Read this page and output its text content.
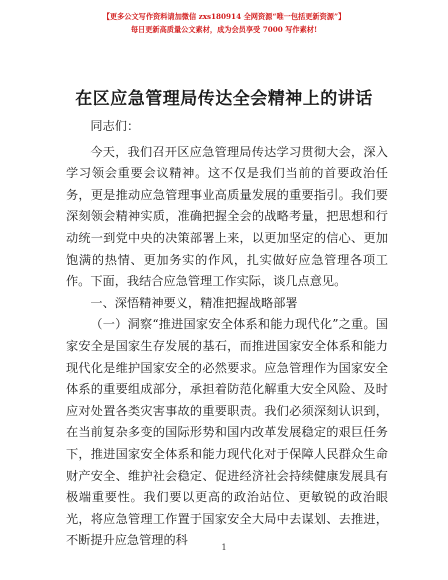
【更多公文写作资料请加微信 zxs180914 全网资源“唯一包括更新资源”】
每日更新高质量公文素材，成为会员享受 7000 写作素材!
在区应急管理局传达全会精神上的讲话

同志们：

今天，我们召开区应急管理局传达学习贯彻大会，深入学习领会重要会议精神。这不仅是我们当前的首要政治任务，更是推动应急管理事业高质量发展的重要指引。我们要深刻领会精神实质，准确把握全会的战略考量，把思想和行动统一到党中央的决策部署上来，以更加坚定的信心、更加饱满的热情、更加务实的作风，扎实做好应急管理各项工作。下面，我结合应急管理工作实际，谈几点意见。

一、深悟精神要义，精准把握战略部署

（一）洞察“推进国家安全体系和能力现代化”之重。国家安全是国家生存发展的基石，而推进国家安全体系和能力现代化是维护国家安全的必然要求。应急管理作为国家安全体系的重要组成部分，承担着防范化解重大安全风险、及时应对处置各类灾害事故的重要职责。我们必须深刻认识到，在当前复杂多变的国际形势和国内改革发展稳定的艰巨任务下，推进国家安全体系和能力现代化对于保障人民群众生命财产安全、维护社会稳定、促进经济社会持续健康发展具有极端重要性。我们要以更高的政治站位、更敏锐的政治眼光，将应急管理工作置于国家安全大局中去谋划、去推进，不断提升应急管理的科

1
